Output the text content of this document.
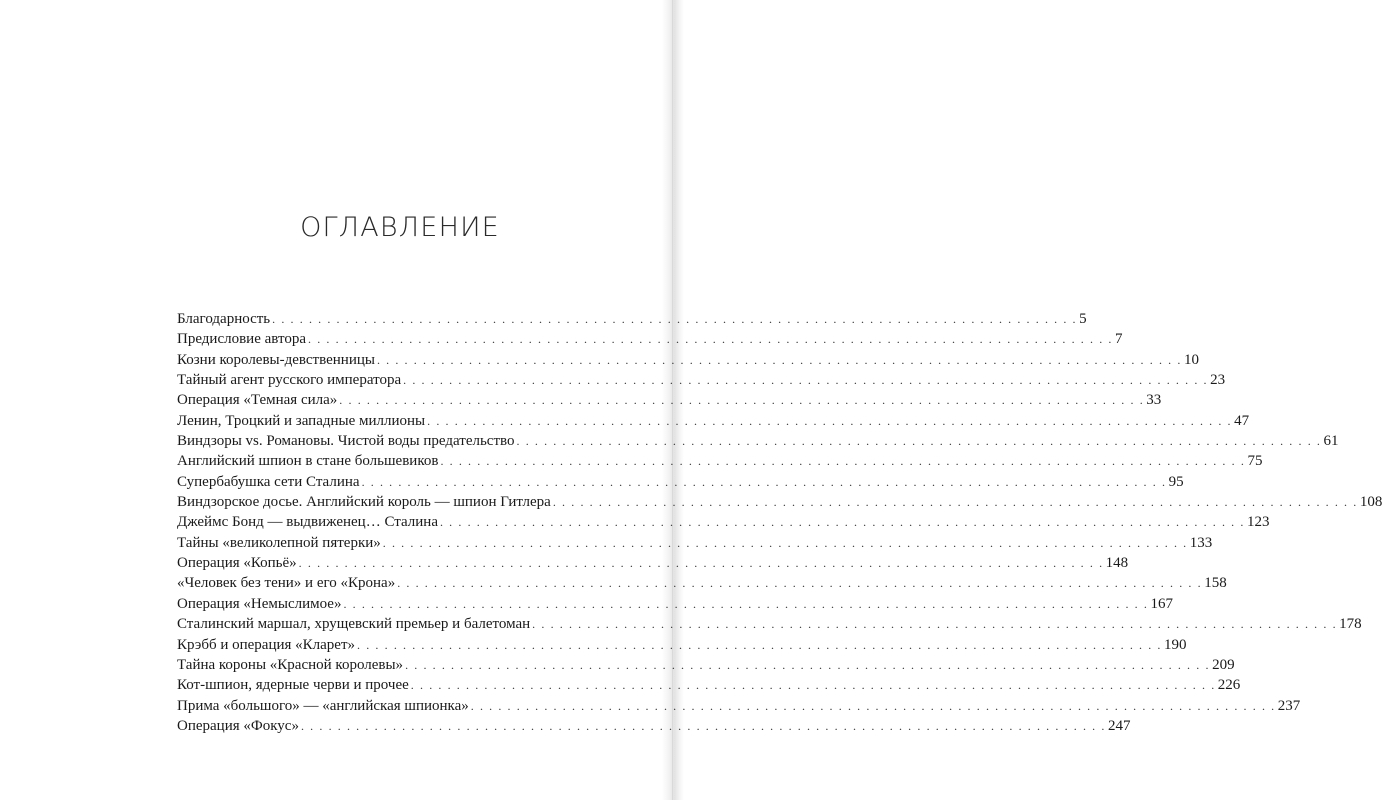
ОГЛАВЛЕНИЕ
Благодарность . . .	5
Предисловие автора . . .	7
Козни королевы-девственницы . . .	10
Тайный агент русского императора . . .	23
Операция «Темная сила» . . .	33
Ленин, Троцкий и западные миллионы . . .	47
Виндзоры vs. Романовы. Чистой воды предательство . . .	61
Английский шпион в стане большевиков . . .	75
Супербабушка сети Сталина . . .	95
Виндзорское досье. Английский король — шпион Гитлера . . .	108
Джеймс Бонд — выдвиженец… Сталина . . .	123
Тайны «великолепной пятерки» . . .	133
Операция «Копьё» . . .	148
«Человек без тени» и его «Крона» . . .	158
Операция «Немыслимое» . . .	167
Сталинский маршал, хрущевский премьер и балетоман . . .	178
Крэбб и операция «Кларет» . . .	190
Тайна короны «Красной королевы» . . .	209
Кот-шпион, ядерные черви и прочее . . .	226
Прима «большого» — «английская шпионка» . . .	237
Операция «Фокус» . . .	247
